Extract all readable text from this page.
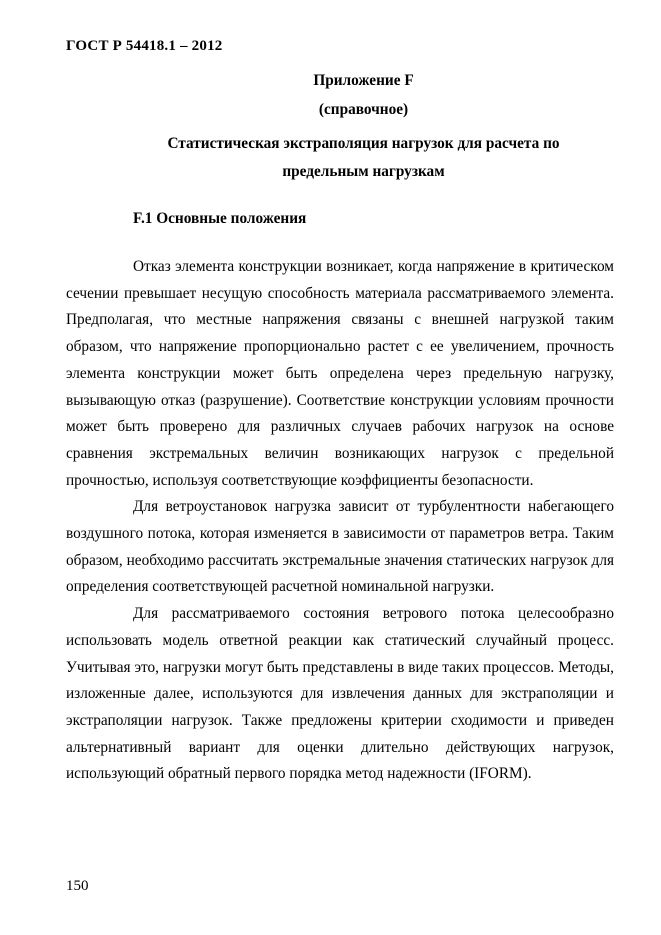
ГОСТ Р 54418.1 – 2012
Приложение F
(справочное)
Статистическая экстраполяция нагрузок для расчета по
предельным нагрузкам
F.1 Основные положения

Отказ элемента конструкции возникает, когда напряжение в критическом сечении превышает несущую способность материала рассматриваемого элемента. Предполагая, что местные напряжения связаны с внешней нагрузкой таким образом, что напряжение пропорционально растет с ее увеличением, прочность элемента конструкции может быть определена через предельную нагрузку, вызывающую отказ (разрушение). Соответствие конструкции условиям прочности может быть проверено для различных случаев рабочих нагрузок на основе сравнения экстремальных величин возникающих нагрузок с предельной прочностью, используя соответствующие коэффициенты безопасности.

Для ветроустановок нагрузка зависит от турбулентности набегающего воздушного потока, которая изменяется в зависимости от параметров ветра. Таким образом, необходимо рассчитать экстремальные значения статических нагрузок для определения соответствующей расчетной номинальной нагрузки.

Для рассматриваемого состояния ветрового потока целесообразно использовать модель ответной реакции как статический случайный процесс. Учитывая это, нагрузки могут быть представлены в виде таких процессов. Методы, изложенные далее, используются для извлечения данных для экстраполяции и экстраполяции нагрузок. Также предложены критерии сходимости и приведен альтернативный вариант для оценки длительно действующих нагрузок, использующий обратный первого порядка метод надежности (IFORM).

150
